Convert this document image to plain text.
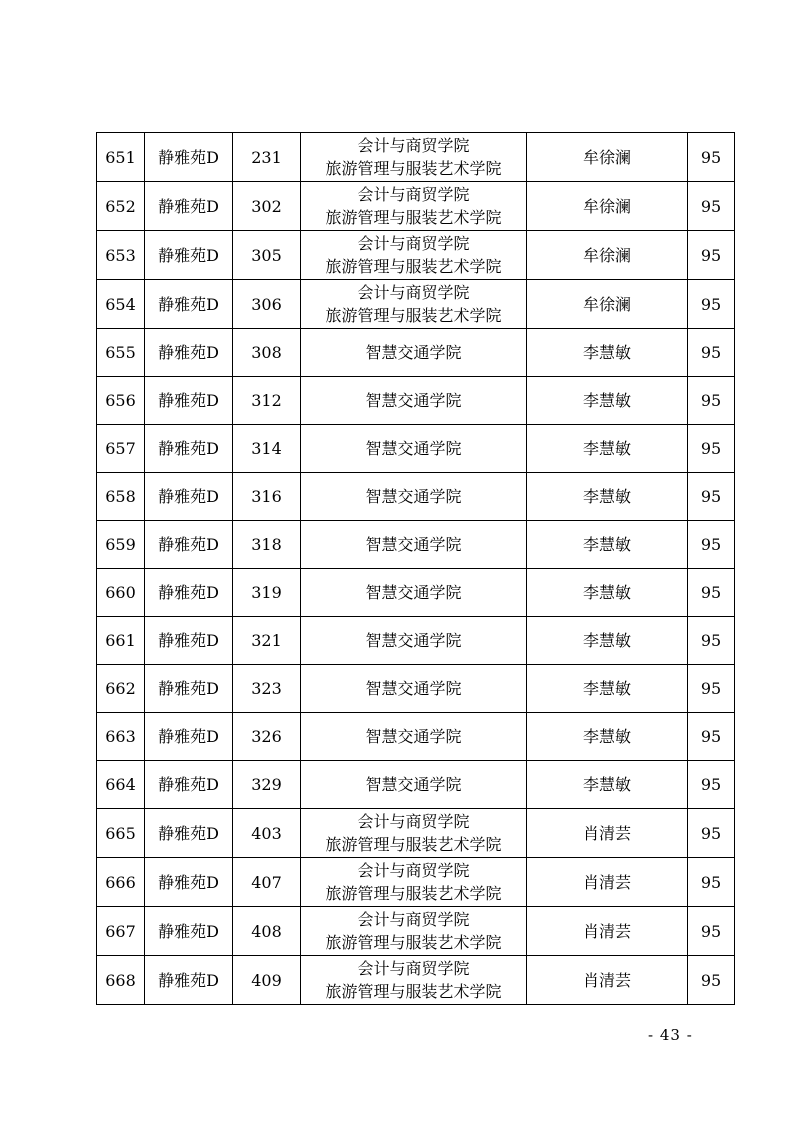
651	静雅苑D	231	会计与商贸学院
旅游管理与服装艺术学院	牟徐澜	95
652	静雅苑D	302	会计与商贸学院
旅游管理与服装艺术学院	牟徐澜	95
653	静雅苑D	305	会计与商贸学院
旅游管理与服装艺术学院	牟徐澜	95
654	静雅苑D	306	会计与商贸学院
旅游管理与服装艺术学院	牟徐澜	95
655	静雅苑D	308	智慧交通学院	李慧敏	95
656	静雅苑D	312	智慧交通学院	李慧敏	95
657	静雅苑D	314	智慧交通学院	李慧敏	95
658	静雅苑D	316	智慧交通学院	李慧敏	95
659	静雅苑D	318	智慧交通学院	李慧敏	95
660	静雅苑D	319	智慧交通学院	李慧敏	95
661	静雅苑D	321	智慧交通学院	李慧敏	95
662	静雅苑D	323	智慧交通学院	李慧敏	95
663	静雅苑D	326	智慧交通学院	李慧敏	95
664	静雅苑D	329	智慧交通学院	李慧敏	95
665	静雅苑D	403	会计与商贸学院
旅游管理与服装艺术学院	肖清芸	95
666	静雅苑D	407	会计与商贸学院
旅游管理与服装艺术学院	肖清芸	95
667	静雅苑D	408	会计与商贸学院
旅游管理与服装艺术学院	肖清芸	95
668	静雅苑D	409	会计与商贸学院
旅游管理与服装艺术学院	肖清芸	95
- 43 -
